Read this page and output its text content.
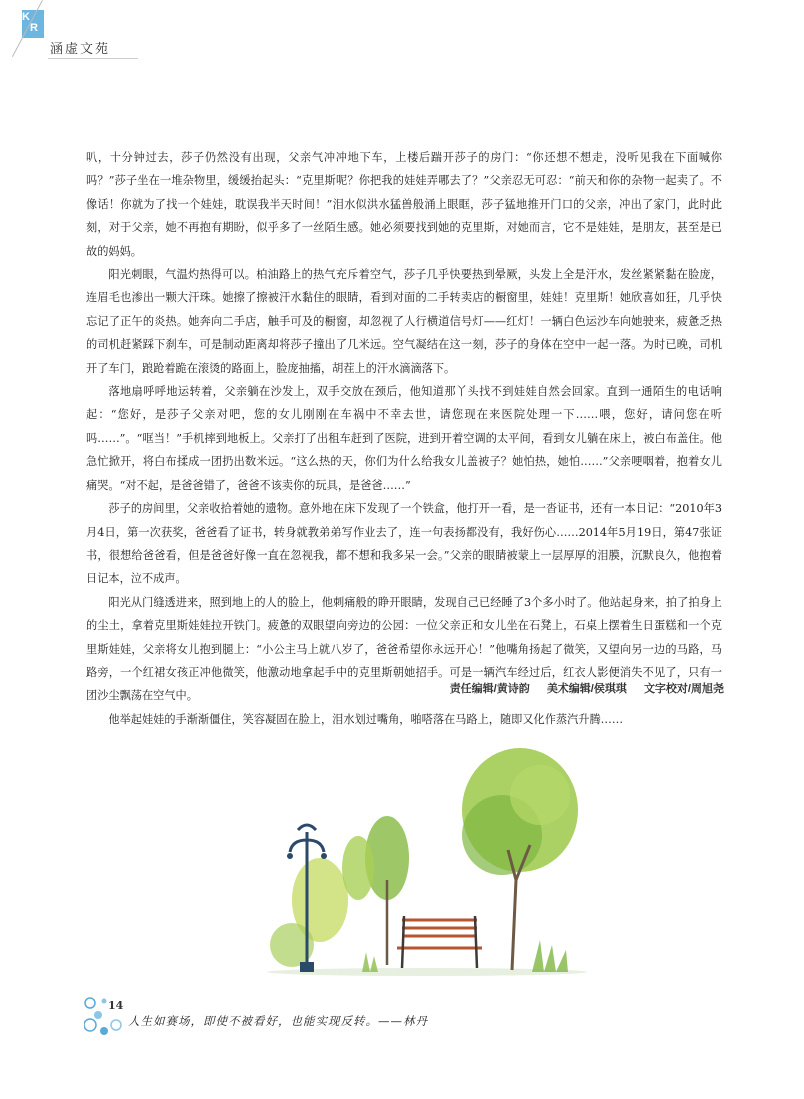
K
R
涵虚文苑

叭，十分钟过去，莎子仍然没有出现，父亲气冲冲地下车，上楼后踹开莎子的房门：“你还想不想走，没听见我在下面喊你吗？”莎子坐在一堆杂物里，缓缓抬起头：“克里斯呢？你把我的娃娃弄哪去了？”父亲忍无可忍：“前天和你的杂物一起卖了。不像话！你就为了找一个娃娃，耽误我半天时间！”泪水似洪水猛兽般涌上眼眶，莎子猛地推开门口的父亲，冲出了家门，此时此刻，对于父亲，她不再抱有期盼，似乎多了一丝陌生感。她必须要找到她的克里斯，对她而言，它不是娃娃，是朋友，甚至是已故的妈妈。

阳光刺眼，气温灼热得可以。柏油路上的热气充斥着空气，莎子几乎快要热到晕厥，头发上全是汗水，发丝紧紧黏在脸庞，连眉毛也渗出一颗大汗珠。她擦了擦被汗水黏住的眼睛，看到对面的二手转卖店的橱窗里，娃娃！克里斯！她欣喜如狂，几乎快忘记了正午的炎热。她奔向二手店，触手可及的橱窗，却忽视了人行横道信号灯——红灯！一辆白色运沙车向她驶来，疲惫乏热的司机赶紧踩下刹车，可是制动距离却将莎子撞出了几米远。空气凝结在这一刻，莎子的身体在空中一起一落。为时已晚，司机开了车门，踉跄着跪在滚烫的路面上，脸庞抽搐，胡茬上的汗水滴滴落下。

落地扇呼呼地运转着，父亲躺在沙发上，双手交放在颈后，他知道那丫头找不到娃娃自然会回家。直到一通陌生的电话响起：“您好，是莎子父亲对吧，您的女儿刚刚在车祸中不幸去世，请您现在来医院处理一下……喂，您好，请问您在听吗……”。“哐当！”手机摔到地板上。父亲打了出租车赶到了医院，进到开着空调的太平间，看到女儿躺在床上，被白布盖住。他急忙掀开，将白布揉成一团扔出数米远。“这么热的天，你们为什么给我女儿盖被子？她怕热，她怕……”父亲哽咽着，抱着女儿痛哭。“对不起，是爸爸错了，爸爸不该卖你的玩具，是爸爸……”

莎子的房间里，父亲收拾着她的遗物。意外地在床下发现了一个铁盒，他打开一看，是一沓证书，还有一本日记：“2010年3月4日，第一次获奖，爸爸看了证书，转身就教弟弟写作业去了，连一句表扬都没有，我好伤心……2014年5月19日，第47张证书，很想给爸爸看，但是爸爸好像一直在忽视我，都不想和我多呆一会。”父亲的眼睛被蒙上一层厚厚的泪膜，沉默良久，他抱着日记本，泣不成声。

阳光从门缝透进来，照到地上的人的脸上，他刺痛般的睁开眼睛，发现自己已经睡了3个多小时了。他站起身来，拍了拍身上的尘土，拿着克里斯娃娃拉开铁门。疲惫的双眼望向旁边的公园：一位父亲正和女儿坐在石凳上，石桌上摆着生日蛋糕和一个克里斯娃娃，父亲将女儿抱到腿上：“小公主马上就八岁了，爸爸希望你永远开心！”他嘴角扬起了微笑，又望向另一边的马路，马路旁，一个红裙女孩正冲他微笑，他激动地拿起手中的克里斯朝她招手。可是一辆汽车经过后，红衣人影便消失不见了，只有一团沙尘飘荡在空气中。

他举起娃娃的手渐渐僵住，笑容凝固在脸上，泪水划过嘴角，啪嗒落在马路上，随即又化作蒸汽升腾……

责任编辑/黄诗韵 美术编辑/侯琪琪 文字校对/周旭尧
14
人生如赛场，即使不被看好，也能实现反转。——林丹
